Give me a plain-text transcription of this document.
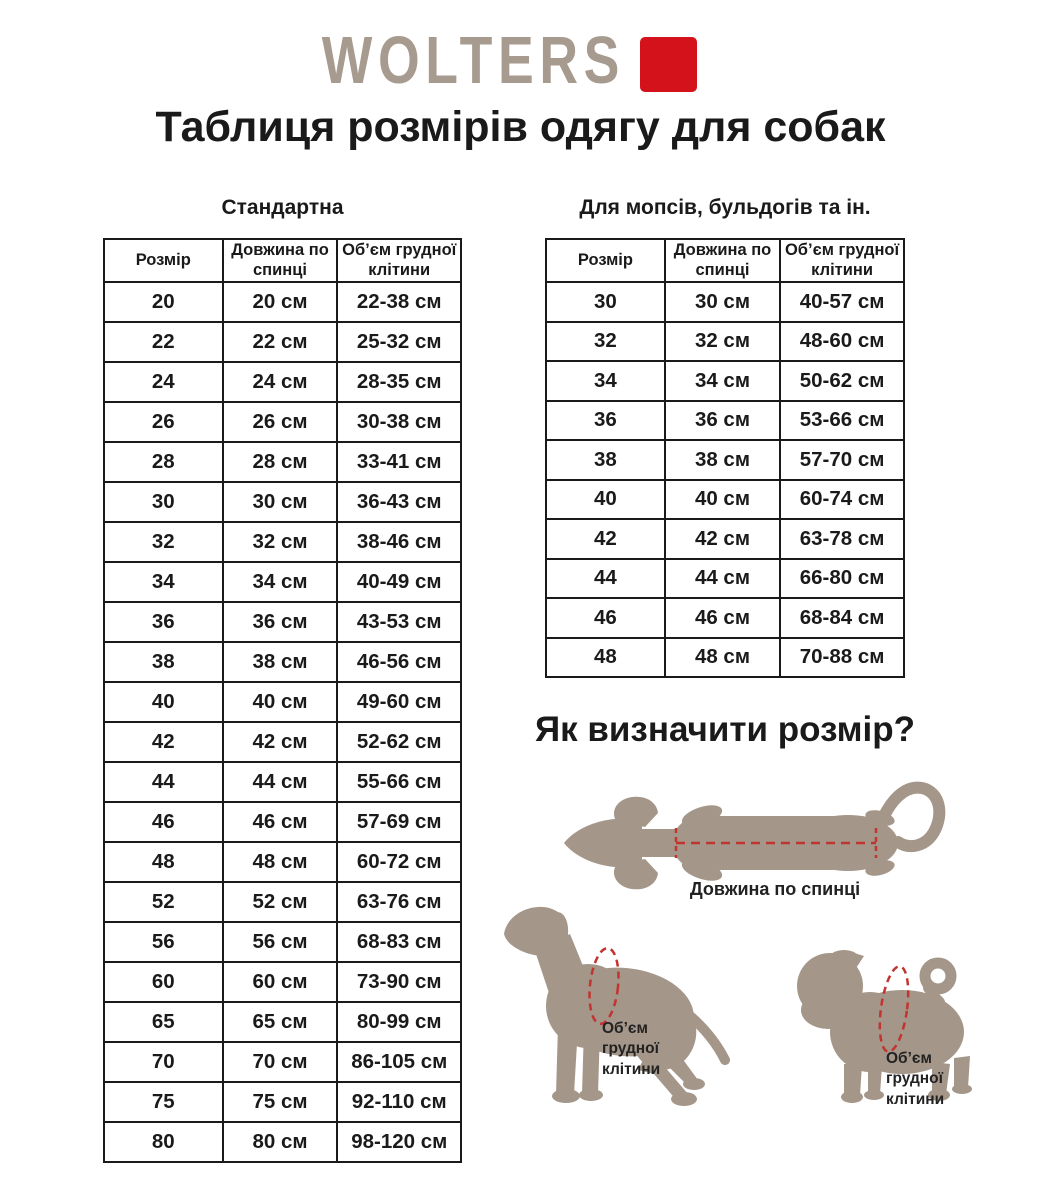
WOLTERS
Таблиця розмірів одягу для собак
Стандартна	Для мопсів, бульдогів та ін.
Розмір	Довжина по спинці	Об’єм грудної клітини
20	20 см	22-38 см
22	22 см	25-32 см
24	24 см	28-35 см
26	26 см	30-38 см
28	28 см	33-41 см
30	30 см	36-43 см
32	32 см	38-46 см
34	34 см	40-49 см
36	36 см	43-53 см
38	38 см	46-56 см
40	40 см	49-60 см
42	42 см	52-62 см
44	44 см	55-66 см
46	46 см	57-69 см
48	48 см	60-72 см
52	52 см	63-76 см
56	56 см	68-83 см
60	60 см	73-90 см
65	65 см	80-99 см
70	70 см	86-105 см
75	75 см	92-110 см
80	80 см	98-120 см
Розмір	Довжина по спинці	Об’єм грудної клітини
30	30 см	40-57 см
32	32 см	48-60 см
34	34 см	50-62 см
36	36 см	53-66 см
38	38 см	57-70 см
40	40 см	60-74 см
42	42 см	63-78 см
44	44 см	66-80 см
46	46 см	68-84 см
48	48 см	70-88 см
Як визначити розмір?
Довжина по спинці
Об’єм
грудної
клітини
Об’єм
грудної
клітини
